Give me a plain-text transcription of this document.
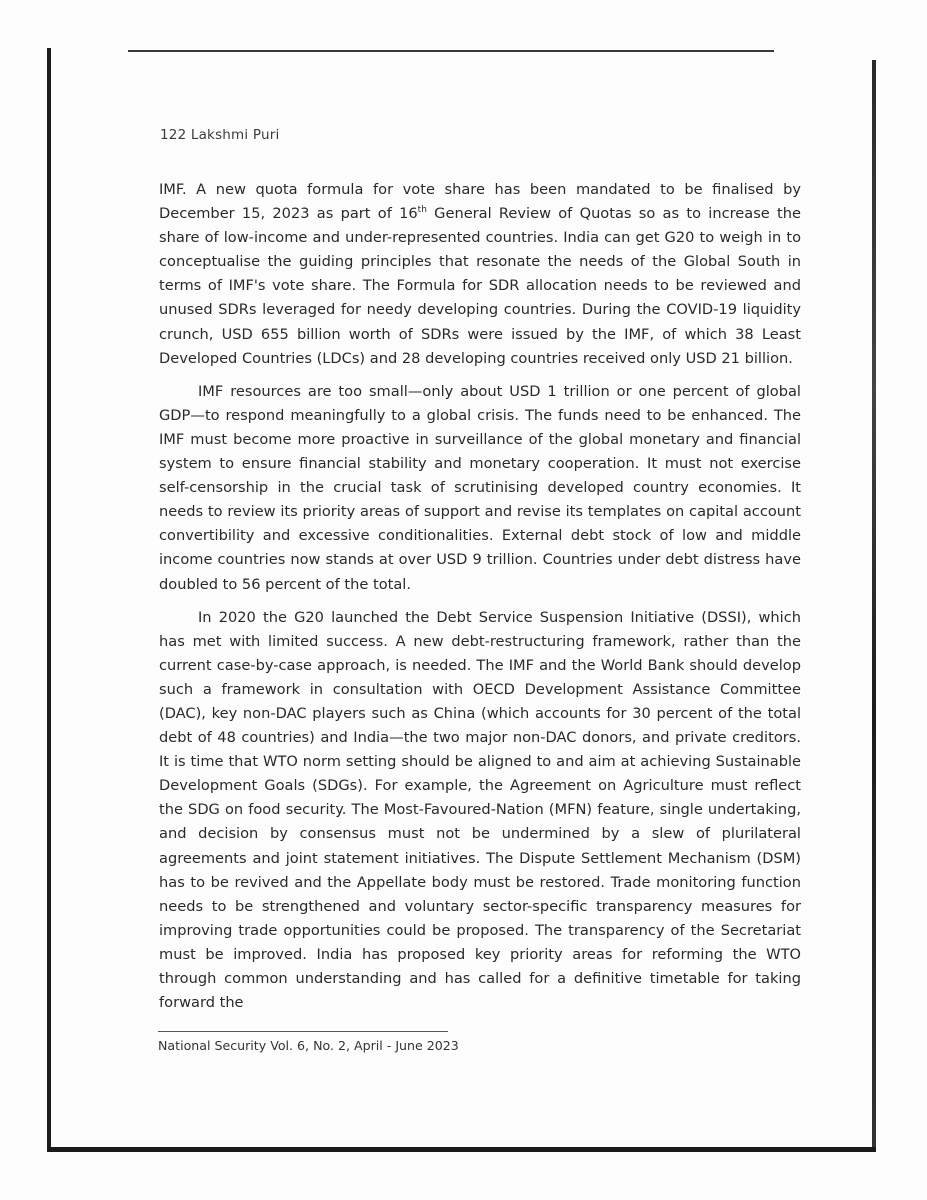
122 Lakshmi Puri

IMF. A new quota formula for vote share has been mandated to be finalised by December 15, 2023 as part of 16th General Review of Quotas so as to increase the share of low-income and under-represented countries. India can get G20 to weigh in to conceptualise the guiding principles that resonate the needs of the Global South in terms of IMF's vote share. The Formula for SDR allocation needs to be reviewed and unused SDRs leveraged for needy developing countries. During the COVID-19 liquidity crunch, USD 655 billion worth of SDRs were issued by the IMF, of which 38 Least Developed Countries (LDCs) and 28 developing countries received only USD 21 billion.

IMF resources are too small—only about USD 1 trillion or one percent of global GDP—to respond meaningfully to a global crisis. The funds need to be enhanced. The IMF must become more proactive in surveillance of the global monetary and financial system to ensure financial stability and monetary cooperation. It must not exercise self-censorship in the crucial task of scrutinising developed country economies. It needs to review its priority areas of support and revise its templates on capital account convertibility and excessive conditionalities. External debt stock of low and middle income countries now stands at over USD 9 trillion. Countries under debt distress have doubled to 56 percent of the total.

In 2020 the G20 launched the Debt Service Suspension Initiative (DSSI), which has met with limited success. A new debt-restructuring framework, rather than the current case-by-case approach, is needed. The IMF and the World Bank should develop such a framework in consultation with OECD Development Assistance Committee (DAC), key non-DAC players such as China (which accounts for 30 percent of the total debt of 48 countries) and India—the two major non-DAC donors, and private creditors. It is time that WTO norm setting should be aligned to and aim at achieving Sustainable Development Goals (SDGs). For example, the Agreement on Agriculture must reflect the SDG on food security. The Most-Favoured-Nation (MFN) feature, single undertaking, and decision by consensus must not be undermined by a slew of plurilateral agreements and joint statement initiatives. The Dispute Settlement Mechanism (DSM) has to be revived and the Appellate body must be restored. Trade monitoring function needs to be strengthened and voluntary sector-specific transparency measures for improving trade opportunities could be proposed. The transparency of the Secretariat must be improved. India has proposed key priority areas for reforming the WTO through common understanding and has called for a definitive timetable for taking forward the

National Security Vol. 6, No. 2, April - June 2023
